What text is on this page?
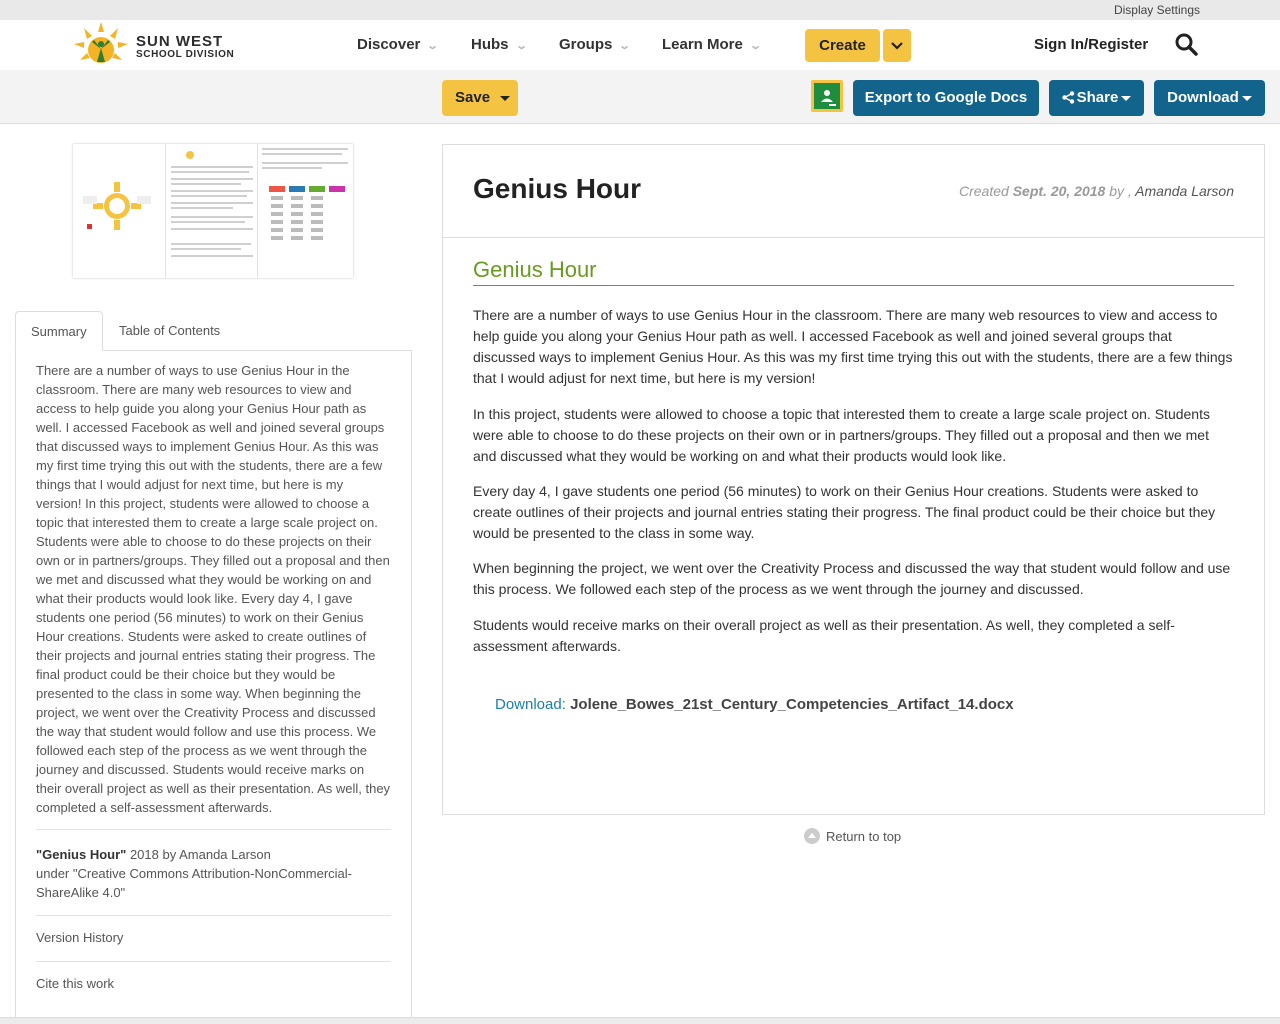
Display Settings
SUN WEST
SCHOOL DIVISION
Discover ⌄ Hubs ⌄ Groups ⌄ Learn More ⌄	Create	Sign In/Register
Save	Export to Google Docs	Share	Download
Summary	Table of Contents
There are a number of ways to use Genius Hour in the classroom. There are many web resources to view and access to help guide you along your Genius Hour path as well. I accessed Facebook as well and joined several groups that discussed ways to implement Genius Hour. As this was my first time trying this out with the students, there are a few things that I would adjust for next time, but here is my version! In this project, students were allowed to choose a topic that interested them to create a large scale project on. Students were able to choose to do these projects on their own or in partners/groups. They filled out a proposal and then we met and discussed what they would be working on and what their products would look like. Every day 4, I gave students one period (56 minutes) to work on their Genius Hour creations. Students were asked to create outlines of their projects and journal entries stating their progress. The final product could be their choice but they would be presented to the class in some way. When beginning the project, we went over the Creativity Process and discussed the way that student would follow and use this process. We followed each step of the process as we went through the journey and discussed. Students would receive marks on their overall project as well as their presentation. As well, they completed a self-assessment afterwards.
"Genius Hour" 2018 by Amanda Larson
under "Creative Commons Attribution-NonCommercial-ShareAlike 4.0"
Version History
Cite this work
Genius Hour	Created Sept. 20, 2018 by , Amanda Larson
Genius Hour

There are a number of ways to use Genius Hour in the classroom. There are many web resources to view and access to help guide you along your Genius Hour path as well. I accessed Facebook as well and joined several groups that discussed ways to implement Genius Hour. As this was my first time trying this out with the students, there are a few things that I would adjust for next time, but here is my version!

In this project, students were allowed to choose a topic that interested them to create a large scale project on. Students were able to choose to do these projects on their own or in partners/groups. They filled out a proposal and then we met and discussed what they would be working on and what their products would look like.

Every day 4, I gave students one period (56 minutes) to work on their Genius Hour creations. Students were asked to create outlines of their projects and journal entries stating their progress. The final product could be their choice but they would be presented to the class in some way.

When beginning the project, we went over the Creativity Process and discussed the way that student would follow and use this process. We followed each step of the process as we went through the journey and discussed.

Students would receive marks on their overall project as well as their presentation. As well, they completed a self-assessment afterwards.

Download: Jolene_Bowes_21st_Century_Competencies_Artifact_14.docx
Return to top
